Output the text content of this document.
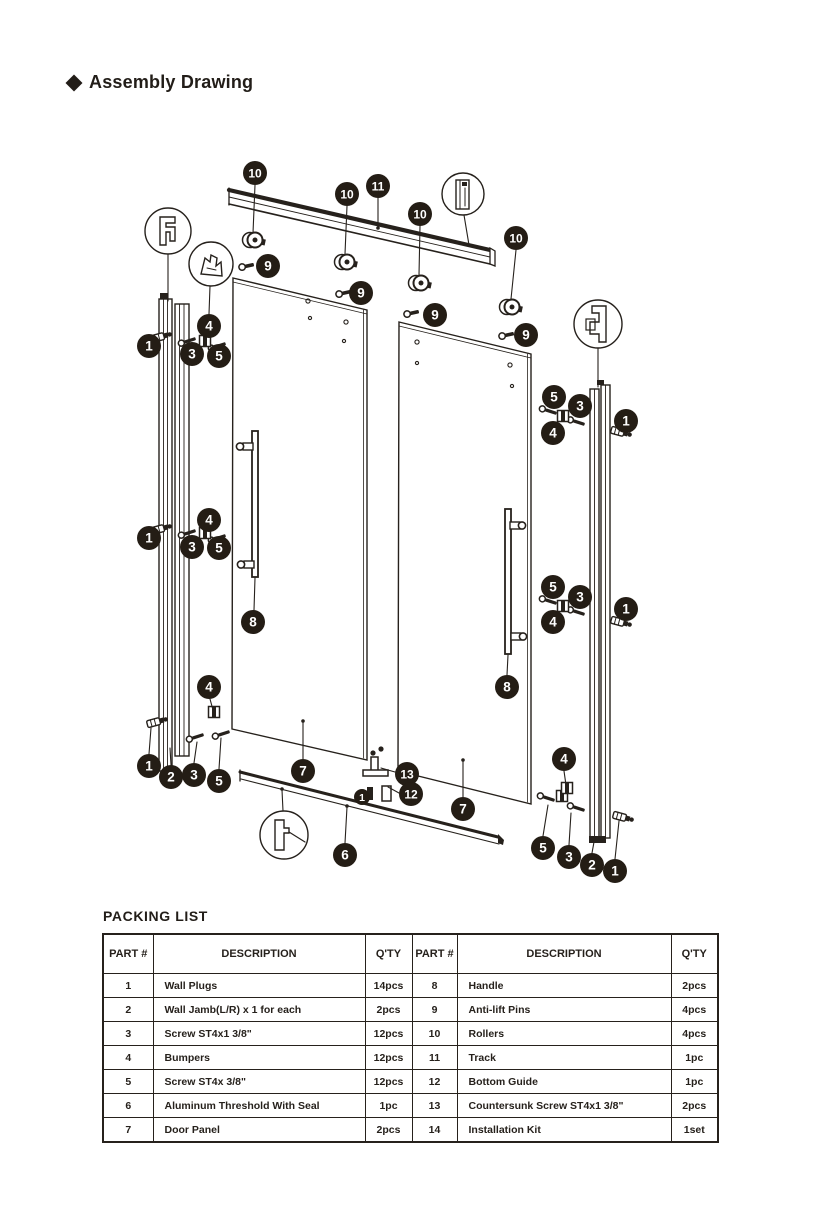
Assembly Drawing
10
10
10
10
11
9
9
9
9
4
1
3 5
4
1
3 5
4
1
2 3 5
8
8
7
7
6
13
12
1
5
3
4
1
5
3
4
1
4
5
3
2 1
PACKING LIST
PART #	DESCRIPTION	Q'TY	PART #	DESCRIPTION	Q'TY
1	Wall Plugs	14pcs	8	Handle	2pcs
2	Wall Jamb(L/R) x 1 for each	2pcs	9	Anti-lift Pins	4pcs
3	Screw ST4x1 3/8"	12pcs	10	Rollers	4pcs
4	Bumpers	12pcs	11	Track	1pc
5	Screw ST4x 3/8"	12pcs	12	Bottom Guide	1pc
6	Aluminum Threshold With Seal	1pc	13	Countersunk Screw ST4x1 3/8"	2pcs
7	Door Panel	2pcs	14	Installation Kit	1set
